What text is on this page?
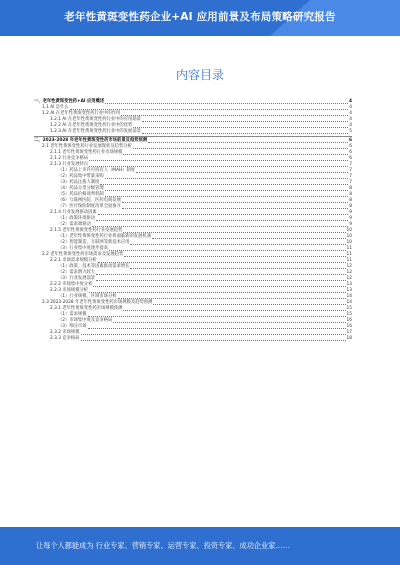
老年性黄斑变性药企业+AI 应用前景及布局策略研究报告
内容目录
一、老年性黄斑变性药+AI 应用概述	4
1.1 AI 是什么	4
1.2 AI 在老年性黄斑变性药行业中的作用	4
1.2.1 AI 在老年性黄斑变性药行业中的应用场景	4
1.2.2 AI 在老年性黄斑变性药行业中的优势	4
1.2.3 AI 在老年性黄斑变性药行业中的发展前景	5
二、2023-2028 年老年性黄斑变性药市场前景及趋势预测	6
2.1 老年性黄斑变性药行业发展现状及趋势分析	6
2.1.1 老年性黄斑变性药行业市场规模	6
2.1.2 行业竞争格局	6
2.1.3 行业发展特点	7
（1）药品上市许可持有人（MAH）制度	7
（2）药品集中带量采购	7
（3）药品注册人制度	7
（4）药品分类分级管理	8
（5）药品价格谈判机制	8
（6）互联网医院、医药电商发展	8
（7）医疗保险制度改革全面推开	8
2.1.4 行业发展驱动因素	9
（1）政策环境驱动	9
（2）需求端驱动	9
2.1.5 老年性黄斑变性药行业发展趋势	10
（1）老年性黄斑变性药行业将面临新的发展机遇	10
（2）智能制造、互联网等新技术应用	10
（3）行业集中度逐步提高	11
2.2 老年性黄斑变性药市场需求及发展趋势	11
2.2.1 市场需求规模分析	11
（1）政策、技术等因素推动需求增长	12
（2）需求潜力较大	12
（3）行业发展前景	12
2.2.2 市场集中度分析	13
2.2.3 市场规模分析	13
（1）行业规模、区域市场分析	14
2.3 2023-2028 年老年性黄斑变性药市场规模及趋势预测	14
2.3.1 老年性黄斑变性药市场规模预测	15
（1）需求规模	15
（2）市场集中度及竞争格局	16
（3）细分市场	16
2.3.2 市场规模	17
2.3.3 竞争格局	18
让每个人都能成为 行业专家、营销专家、运营专家、投资专家、成功企业家……
